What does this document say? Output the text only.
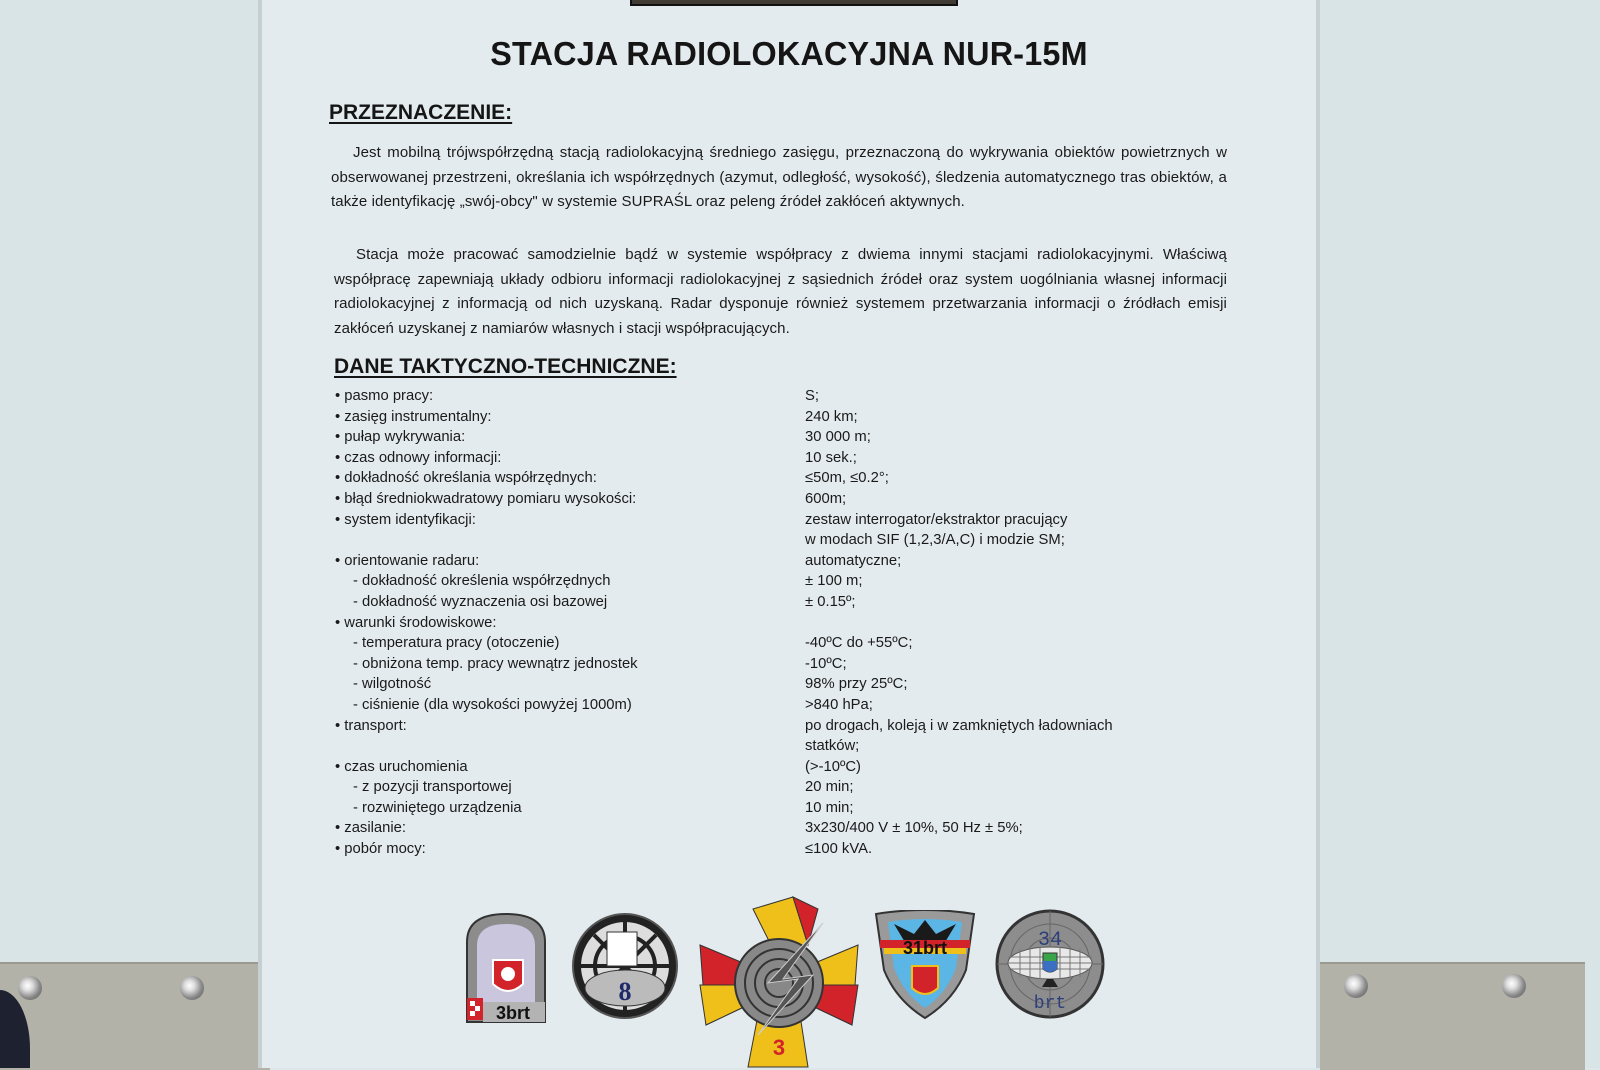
STACJA RADIOLOKACYJNA NUR-15M
PRZEZNACZENIE:
Jest mobilną trójwspółrzędną stacją radiolokacyjną średniego zasięgu, przeznaczoną do wykrywania obiektów powietrznych w obserwowanej przestrzeni, określania ich współrzędnych (azymut, odległość, wysokość), śledzenia automatycznego tras obiektów, a także identyfikację „swój-obcy" w systemie SUPRAŚL oraz peleng źródeł zakłóceń aktywnych.
Stacja może pracować samodzielnie bądź w systemie współpracy z dwiema innymi stacjami radiolokacyjnymi. Właściwą współpracę zapewniają układy odbioru informacji radiolokacyjnej z sąsiednich źródeł oraz system uogólniania własnej informacji radiolokacyjnej z informacją od nich uzyskaną. Radar dysponuje również systemem przetwarzania informacji o źródłach emisji zakłóceń uzyskanej z namiarów własnych i stacji współpracujących.
DANE TAKTYCZNO-TECHNICZNE:
• pasmo pracy:	S;
• zasięg instrumentalny:	240 km;
• pułap wykrywania:	30 000 m;
• czas odnowy informacji:	10 sek.;
• dokładność określania współrzędnych:	≤50m, ≤0.2°;
• błąd średniokwadratowy pomiaru wysokości:	600m;
• system identyfikacji:	zestaw interrogator/ekstraktor pracujący
w modach SIF (1,2,3/A,C) i modzie SM;
• orientowanie radaru:	automatyczne;
- dokładność określenia współrzędnych	± 100 m;
- dokładność wyznaczenia osi bazowej	± 0.15º;
• warunki środowiskowe:
- temperatura pracy (otoczenie)	-40ºC do +55ºC;
- obniżona temp. pracy wewnątrz jednostek	-10ºC;
- wilgotność	98% przy 25ºC;
- ciśnienie (dla wysokości powyżej 1000m)	>840 hPa;
• transport:	po drogach, koleją i w zamkniętych ładowniach
statków;
• czas uruchomienia	(>-10ºC)
- z pozycji transportowej	20 min;
- rozwiniętego urządzenia	10 min;
• zasilanie:	3x230/400 V ± 10%, 50 Hz ± 5%;
• pobór mocy:	≤100 kVA.
3brt
8
3
31brt	34
brt
